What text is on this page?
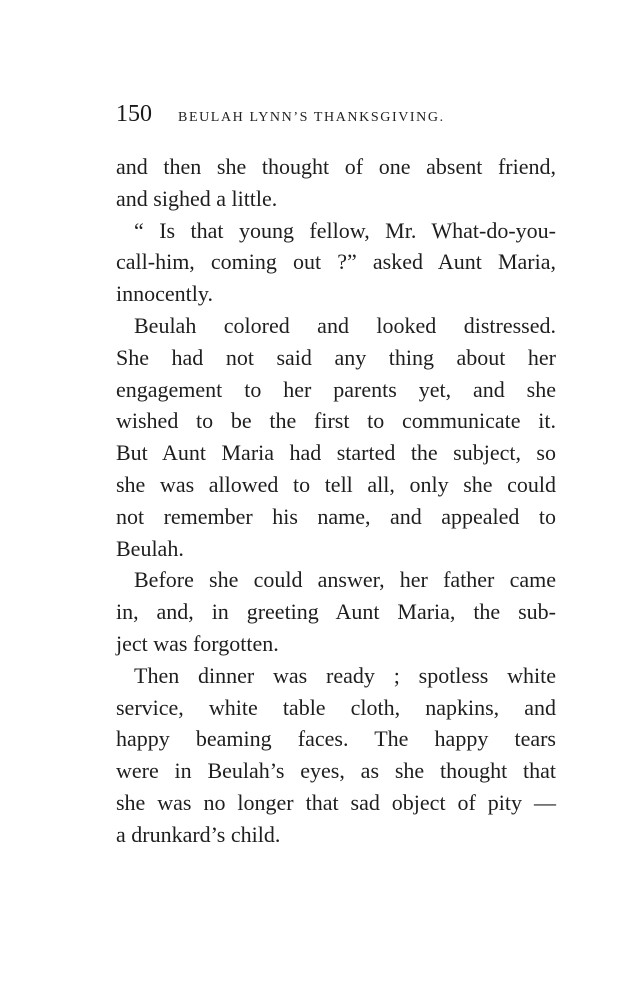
150 BEULAH LYNN’S THANKSGIVING.

and then she thought of one absent friend,
and sighed a little.

“ Is that young fellow, Mr. What-do-you-
call-him, coming out ?” asked Aunt Maria,
innocently.

Beulah colored and looked distressed.
She had not said any thing about her
engagement to her parents yet, and she
wished to be the first to communicate it.
But Aunt Maria had started the subject, so
she was allowed to tell all, only she could
not remember his name, and appealed to
Beulah.

Before she could answer, her father came
in, and, in greeting Aunt Maria, the sub-
ject was forgotten.

Then dinner was ready ; spotless white
service, white table cloth, napkins, and
happy beaming faces. The happy tears
were in Beulah’s eyes, as she thought that
she was no longer that sad object of pity —
a drunkard’s child.
